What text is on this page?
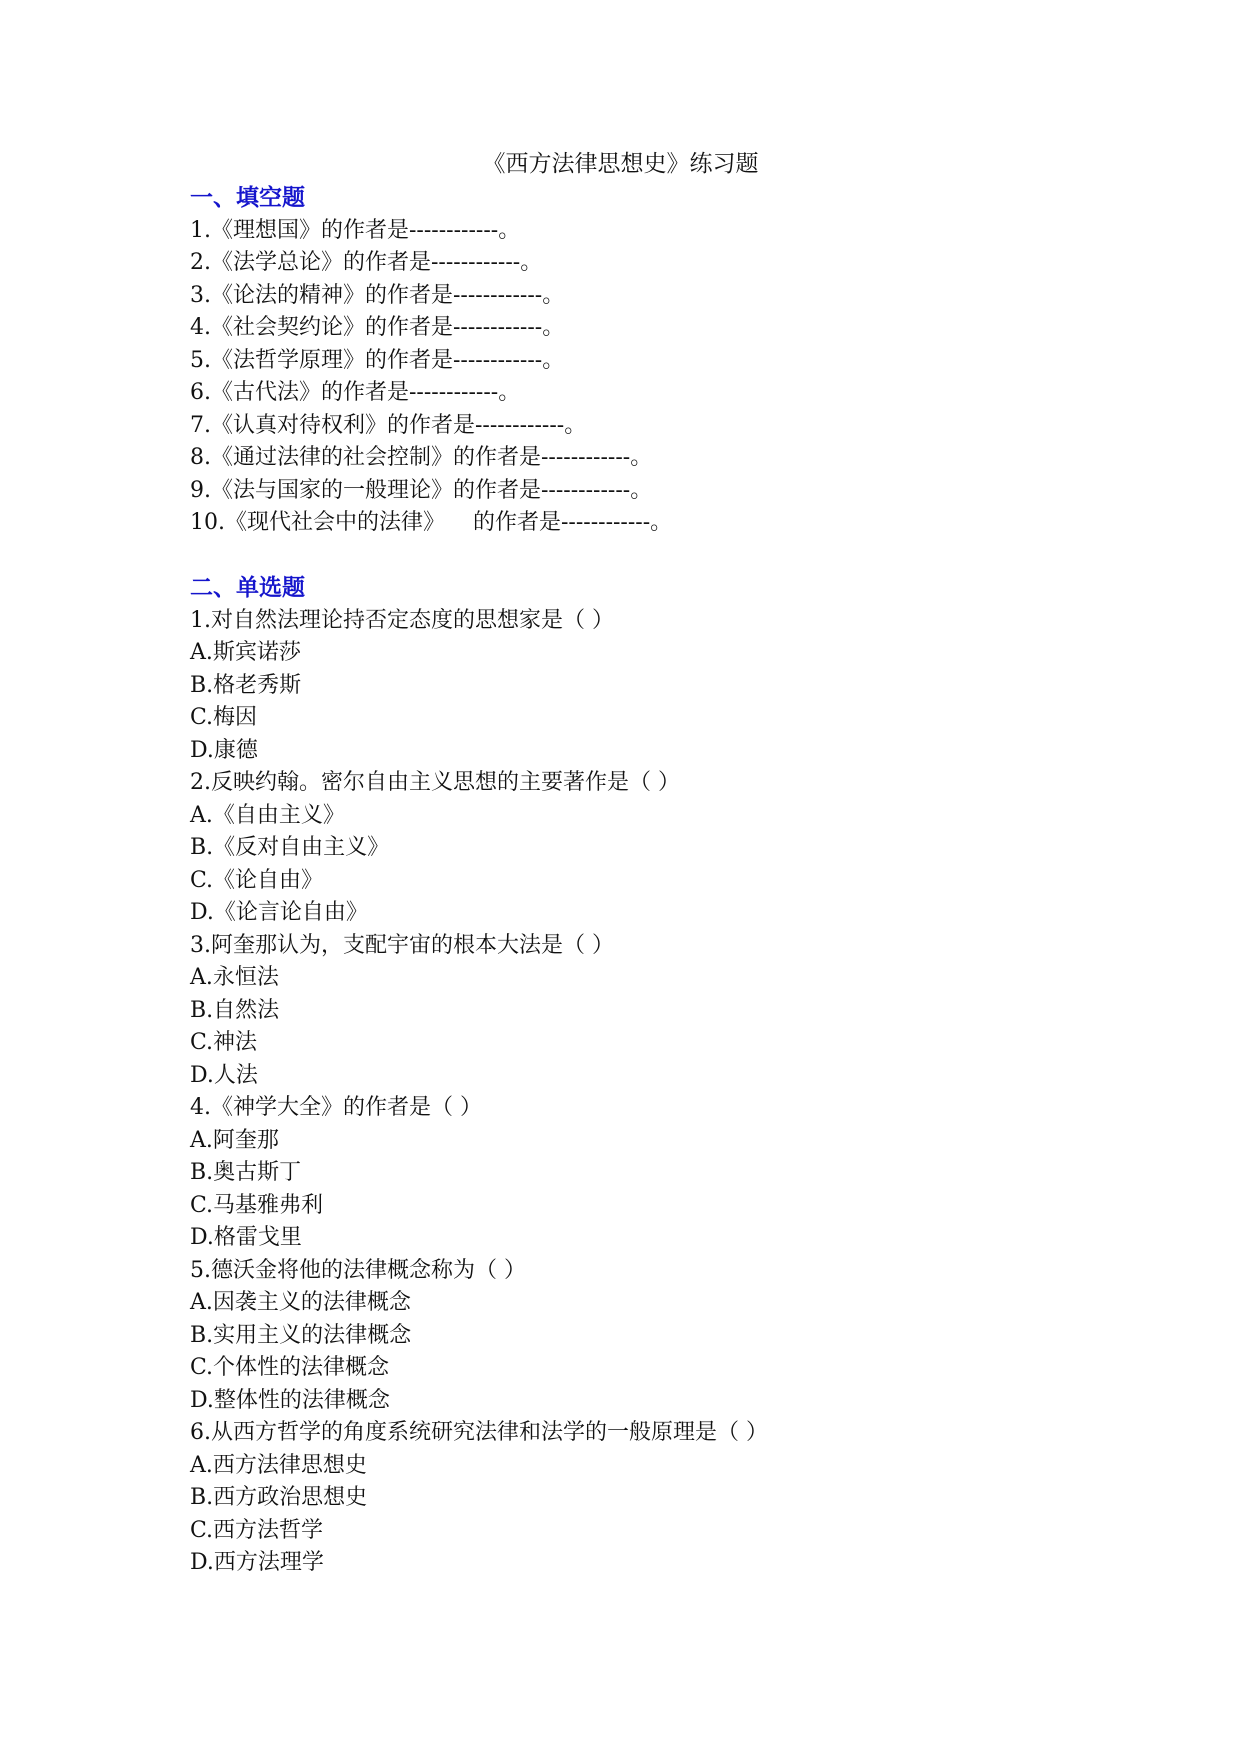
《西方法律思想史》练习题
一、填空题
1.《理想国》的作者是------------。
2.《法学总论》的作者是------------。
3.《论法的精神》的作者是------------。
4.《社会契约论》的作者是------------。
5.《法哲学原理》的作者是------------。
6.《古代法》的作者是------------。
7.《认真对待权利》的作者是------------。
8.《通过法律的社会控制》的作者是------------。
9.《法与国家的一般理论》的作者是------------。
10.《现代社会中的法律》    的作者是------------。
二、单选题
1.对自然法理论持否定态度的思想家是（ ）
A.斯宾诺莎
B.格老秀斯
C.梅因
D.康德
2.反映约翰。密尔自由主义思想的主要著作是（ ）
A.《自由主义》
B.《反对自由主义》
C.《论自由》
D.《论言论自由》
3.阿奎那认为，支配宇宙的根本大法是（ ）
A.永恒法
B.自然法
C.神法
D.人法
4.《神学大全》的作者是（ ）
A.阿奎那
B.奥古斯丁
C.马基雅弗利
D.格雷戈里
5.德沃金将他的法律概念称为（ ）
A.因袭主义的法律概念
B.实用主义的法律概念
C.个体性的法律概念
D.整体性的法律概念
6.从西方哲学的角度系统研究法律和法学的一般原理是（ ）
A.西方法律思想史
B.西方政治思想史
C.西方法哲学
D.西方法理学
